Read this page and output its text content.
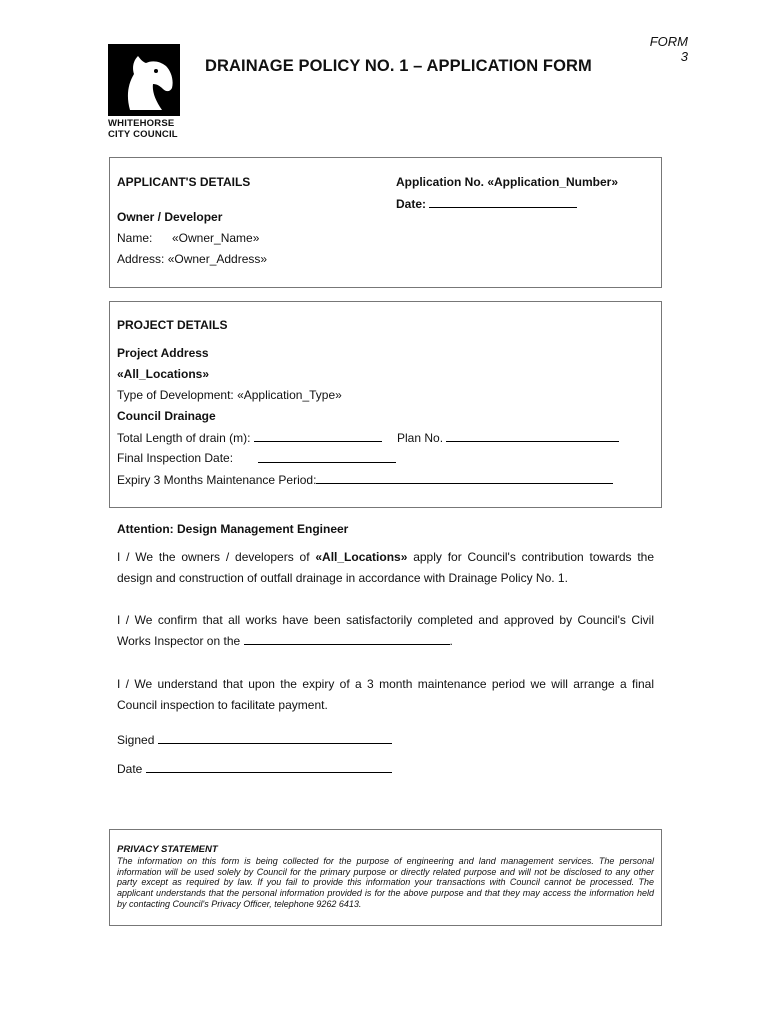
FORM
3
WHITEHORSE
CITY COUNCIL
DRAINAGE POLICY NO. 1 – APPLICATION FORM
APPLICANT'S DETAILS	Application No. «Application_Number»
Date:
Owner / Developer
Name: «Owner_Name»
Address: «Owner_Address»
PROJECT DETAILS
Project Address
«All_Locations»
Type of Development: «Application_Type»
Council Drainage
Total Length of drain (m):	Plan No.
Final Inspection Date:
Expiry 3 Months Maintenance Period:
Attention: Design Management Engineer
I / We the owners / developers of «All_Locations» apply for Council's contribution towards the design and construction of outfall drainage in accordance with Drainage Policy No. 1.
I / We confirm that all works have been satisfactorily completed and approved by Council's Civil Works Inspector on the	.
I / We understand that upon the expiry of a 3 month maintenance period we will arrange a final Council inspection to facilitate payment.
Signed
Date
PRIVACY STATEMENT
The information on this form is being collected for the purpose of engineering and land management services. The personal information will be used solely by Council for the primary purpose or directly related purpose and will not be disclosed to any other party except as required by law. If you fail to provide this information your transactions with Council cannot be processed. The applicant understands that the personal information provided is for the above purpose and that they may access the information held by contacting Council's Privacy Officer, telephone 9262 6413.
